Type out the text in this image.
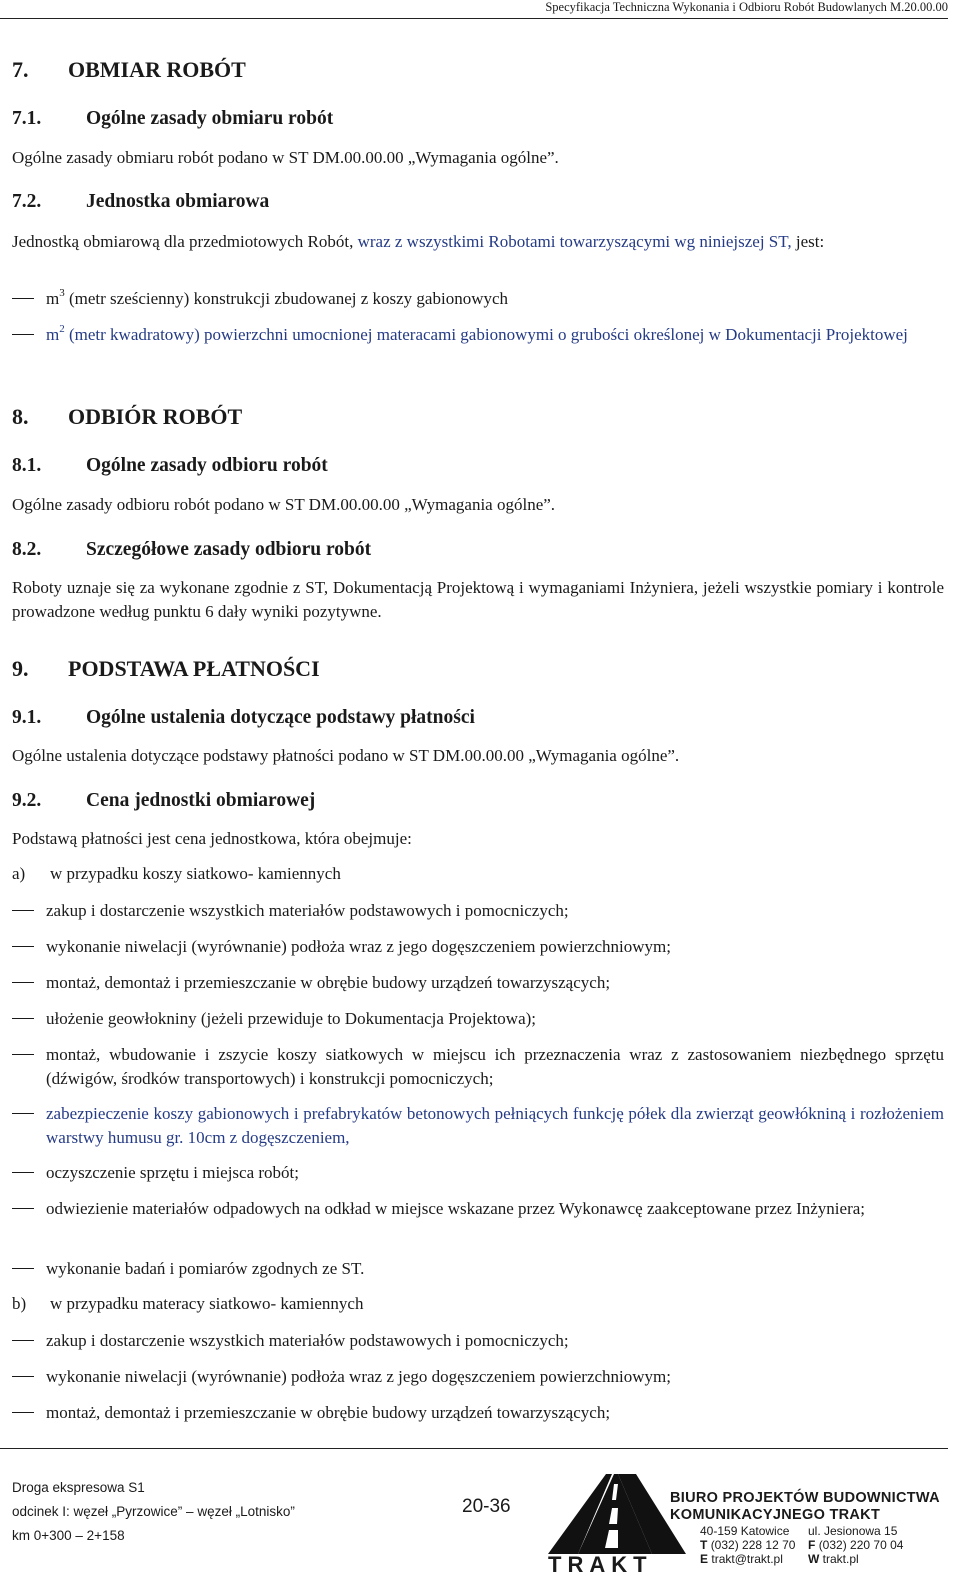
Specyfikacja Techniczna Wykonania i Odbioru Robót Budowlanych M.20.00.00
7. OBMIAR ROBÓT
7.1. Ogólne zasady obmiaru robót
Ogólne zasady obmiaru robót podano w ST DM.00.00.00 „Wymagania ogólne”.
7.2. Jednostka obmiarowa
Jednostką obmiarową dla przedmiotowych Robót, wraz z wszystkimi Robotami towarzyszącymi wg niniejszej ST, jest:
$m^3$ (metr sześcienny) konstrukcji zbudowanej z koszy gabionowych
$m^2$ (metr kwadratowy) powierzchni umocnionej materacami gabionowymi o grubości określonej w Dokumentacji Projektowej
8. ODBIÓR ROBÓT
8.1. Ogólne zasady odbioru robót
Ogólne zasady odbioru robót podano w ST DM.00.00.00 „Wymagania ogólne”.
8.2. Szczegółowe zasady odbioru robót
Roboty uznaje się za wykonane zgodnie z ST, Dokumentacją Projektową i wymaganiami Inżyniera, jeżeli wszystkie pomiary i kontrole prowadzone według punktu 6 dały wyniki pozytywne.
9. PODSTAWA PŁATNOŚCI
9.1. Ogólne ustalenia dotyczące podstawy płatności
Ogólne ustalenia dotyczące podstawy płatności podano w ST DM.00.00.00 „Wymagania ogólne”.
9.2. Cena jednostki obmiarowej
Podstawą płatności jest cena jednostkowa, która obejmuje:
a) w przypadku koszy siatkowo- kamiennych
zakup i dostarczenie wszystkich materiałów podstawowych i pomocniczych;
wykonanie niwelacji (wyrównanie) podłoża wraz z jego dogęszczeniem powierzchniowym;
montaż, demontaż i przemieszczanie w obrębie budowy urządzeń towarzyszących;
ułożenie geowłokniny (jeżeli przewiduje to Dokumentacja Projektowa);
montaż, wbudowanie i zszycie koszy siatkowych w miejscu ich przeznaczenia wraz z zastosowaniem niezbędnego sprzętu (dźwigów, środków transportowych) i konstrukcji pomocniczych;
zabezpieczenie koszy gabionowych i prefabrykatów betonowych pełniących funkcję półek dla zwierząt geowłókniną i rozłożeniem warstwy humusu gr. 10cm z dogęszczeniem,
oczyszczenie sprzętu i miejsca robót;
odwiezienie materiałów odpadowych na odkład w miejsce wskazane przez Wykonawcę zaakceptowane przez Inżyniera;
wykonanie badań i pomiarów zgodnych ze ST.
b) w przypadku materacy siatkowo- kamiennych
zakup i dostarczenie wszystkich materiałów podstawowych i pomocniczych;
wykonanie niwelacji (wyrównanie) podłoża wraz z jego dogęszczeniem powierzchniowym;
montaż, demontaż i przemieszczanie w obrębie budowy urządzeń towarzyszących;
Droga ekspresowa S1
odcinek I: węzeł „Pyrzowice” – węzeł „Lotnisko”
km 0+300 – 2+158
20-36
TRAKT
BIURO PROJEKTÓW BUDOWNICTWA
KOMUNIKACYJNEGO TRAKT
40-159 Katowice ul. Jesionowa 15
T (032) 228 12 70 F (032) 220 70 04
E trakt@trakt.pl W trakt.pl
